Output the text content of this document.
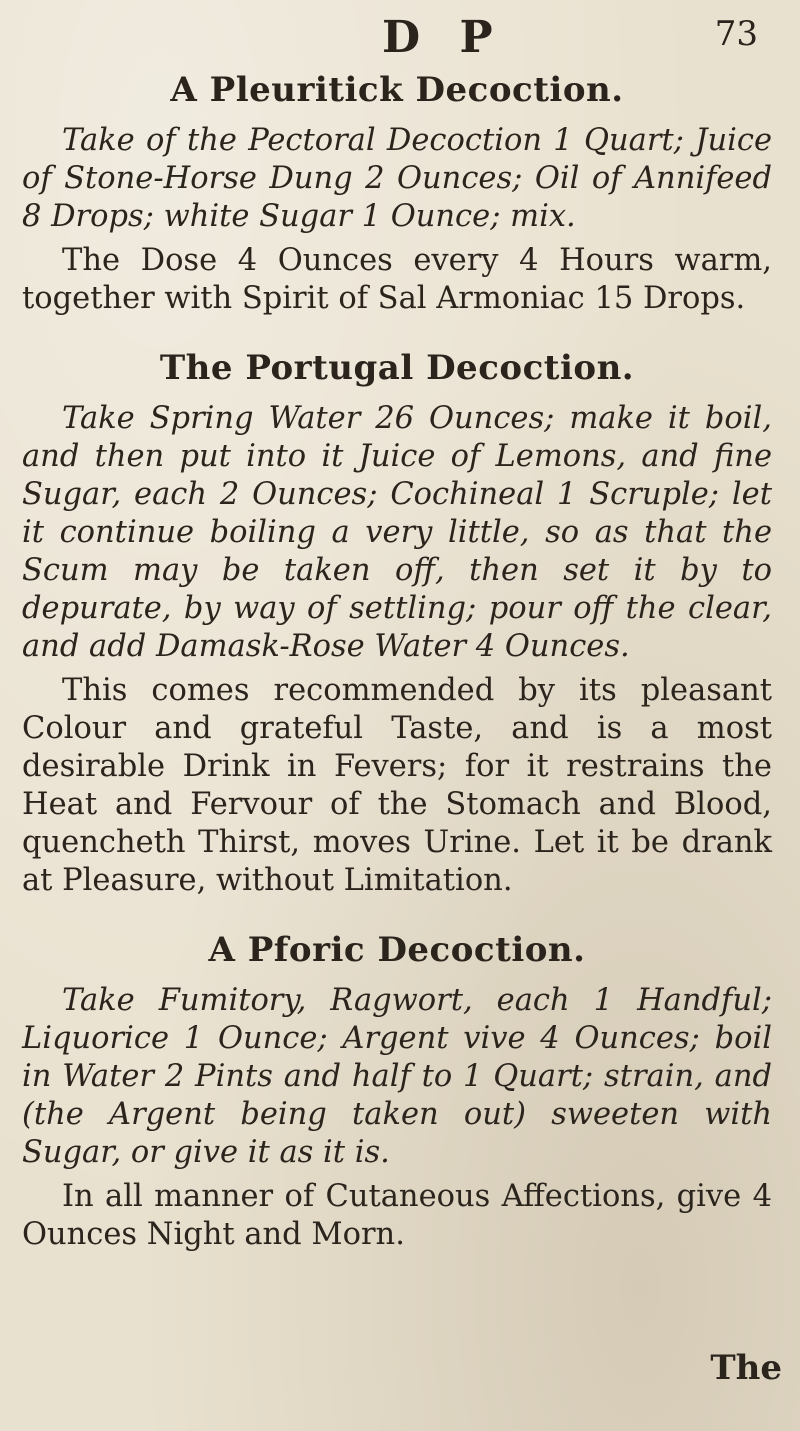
D P	73
A Pleuritick Decoction.

Take of the Pectoral Decoction 1 Quart; Juice of Stone-Horse Dung 2 Ounces; Oil of Annifeed 8 Drops; white Sugar 1 Ounce; mix.

The Dose 4 Ounces every 4 Hours warm, together with Spirit of Sal Armoniac 15 Drops.

The Portugal Decoction.

Take Spring Water 26 Ounces; make it boil, and then put into it Juice of Lemons, and fine Sugar, each 2 Ounces; Cochineal 1 Scruple; let it continue boiling a very little, so as that the Scum may be taken off, then set it by to depurate, by way of settling; pour off the clear, and add Damask-Rose Water 4 Ounces.

This comes recommended by its pleasant Colour and grateful Taste, and is a most desirable Drink in Fevers; for it restrains the Heat and Fervour of the Stomach and Blood, quencheth Thirst, moves Urine. Let it be drank at Pleasure, without Limitation.

A Pforic Decoction.

Take Fumitory, Ragwort, each 1 Handful; Liquorice 1 Ounce; Argent vive 4 Ounces; boil in Water 2 Pints and half to 1 Quart; strain, and (the Argent being taken out) sweeten with Sugar, or give it as it is.

In all manner of Cutaneous Affections, give 4 Ounces Night and Morn.

The
